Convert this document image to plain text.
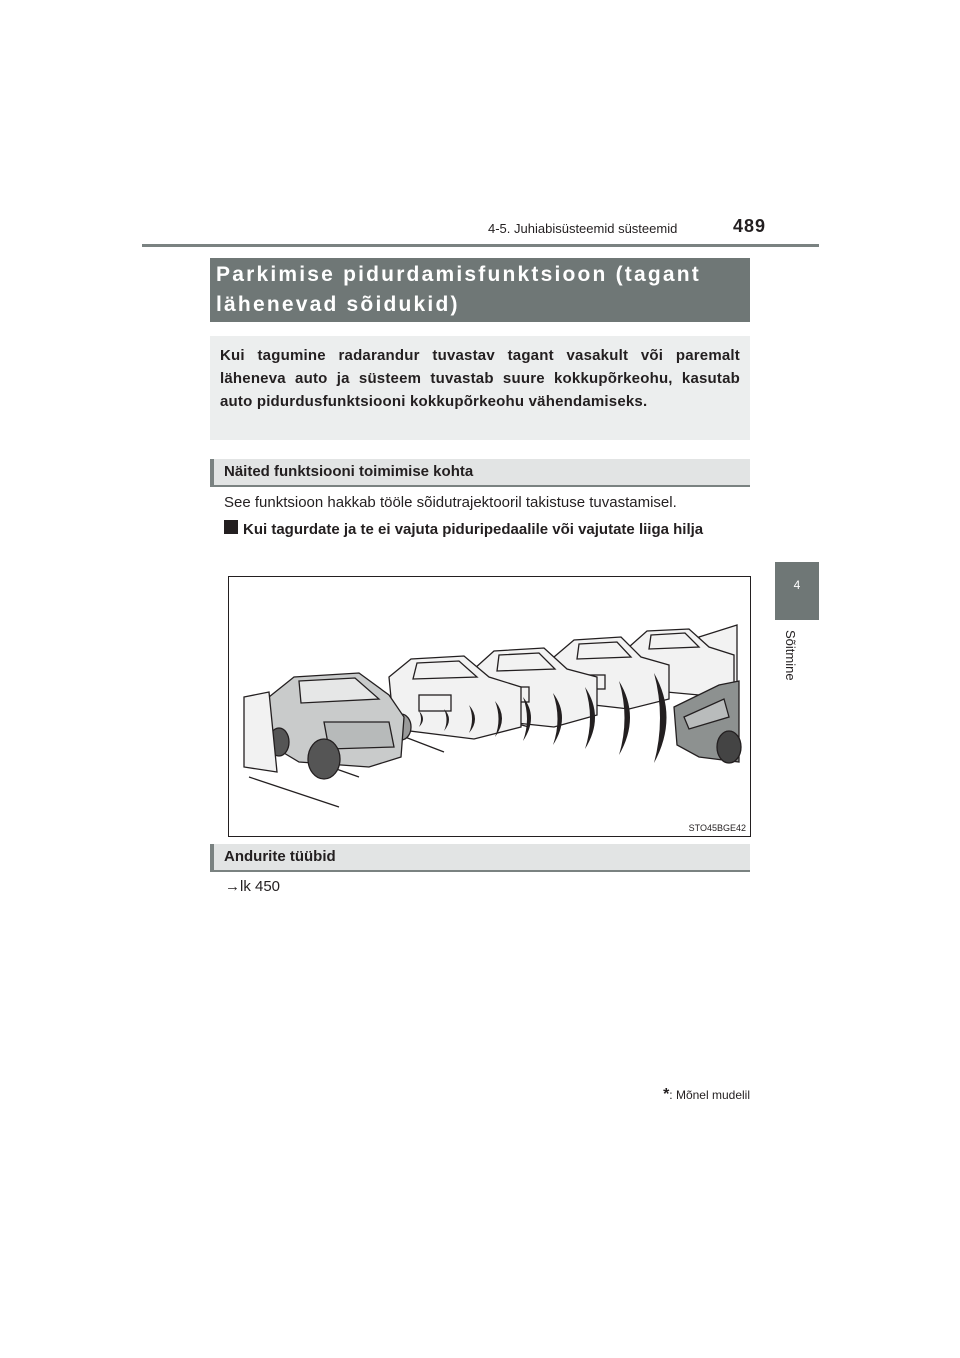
4-5. Juhiabisüsteemid süsteemid	489
4
Sõitmine
Parkimise pidurdamisfunktsioon (tagant lähenevad sõidukid)
Kui tagumine radarandur tuvastav tagant vasakult või paremalt läheneva auto ja süsteem tuvastab suure kokkupõrkeohu, kasutab auto pidurdusfunktsiooni kokkupõrkeohu vähendamiseks.
Näited funktsiooni toimimise kohta
See funktsioon hakkab tööle sõidutrajektooril takistuse tuvastamisel.
Kui tagurdate ja te ei vajuta piduripedaalile või vajutate liiga hilja
STO45BGE42
Andurite tüübid
→lk 450
*: Mõnel mudelil
